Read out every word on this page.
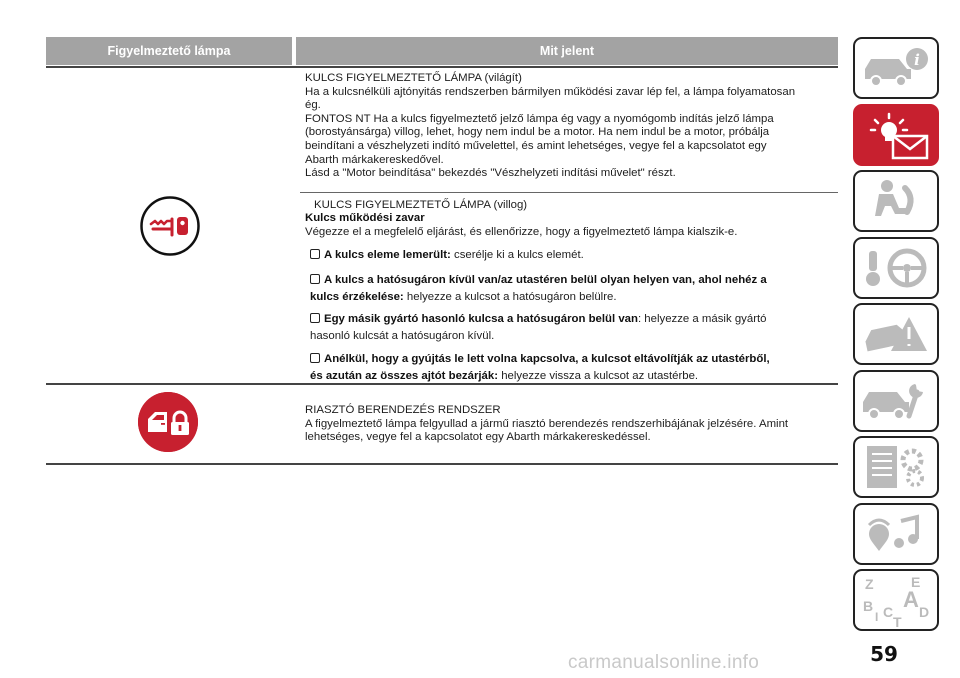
Figyelmeztető lámpa	Mit jelent

KULCS FIGYELMEZTETŐ LÁMPA (világít)

Ha a kulcsnélküli ajtónyitás rendszerben bármilyen működési zavar lép fel, a lámpa folyamatosan

ég.

FONTOS NT Ha a kulcs figyelmeztető jelző lámpa ég vagy a nyomógomb indítás jelző lámpa

(borostyánsárga) villog, lehet, hogy nem indul be a motor. Ha nem indul be a motor, próbálja

beindítani a vészhelyzeti indító művelettel, és amint lehetséges, vegye fel a kapcsolatot egy

Abarth márkakereskedővel.

Lásd a "Motor beindítása" bekezdés "Vészhelyzeti indítási művelet" részt.

KULCS FIGYELMEZTETŐ LÁMPA (villog)

Kulcs működési zavar

Végezze el a megfelelő eljárást, és ellenőrizze, hogy a figyelmeztető lámpa kialszik-e.

A kulcs eleme lemerült: cserélje ki a kulcs elemét.

A kulcs a hatósugáron kívül van/az utastéren belül olyan helyen van, ahol nehéz a

kulcs érzékelése: helyezze a kulcsot a hatósugáron belülre.

Egy másik gyártó hasonló kulcsa a hatósugáron belül van: helyezze a másik gyártó

hasonló kulcsát a hatósugáron kívül.

Anélkül, hogy a gyújtás le lett volna kapcsolva, a kulcsot eltávolítják az utastérből,

és azután az összes ajtót bezárják: helyezze vissza a kulcsot az utastérbe.

RIASZTÓ BERENDEZÉS RENDSZER

A figyelmeztető lámpa felgyullad a jármű riasztó berendezés rendszerhibájának jelzésére. Amint

lehetséges, vegye fel a kapcsolatot egy Abarth márkakereskedéssel.

i
Z	E
B A
C D
T
I
carmanualsonline.info	59
